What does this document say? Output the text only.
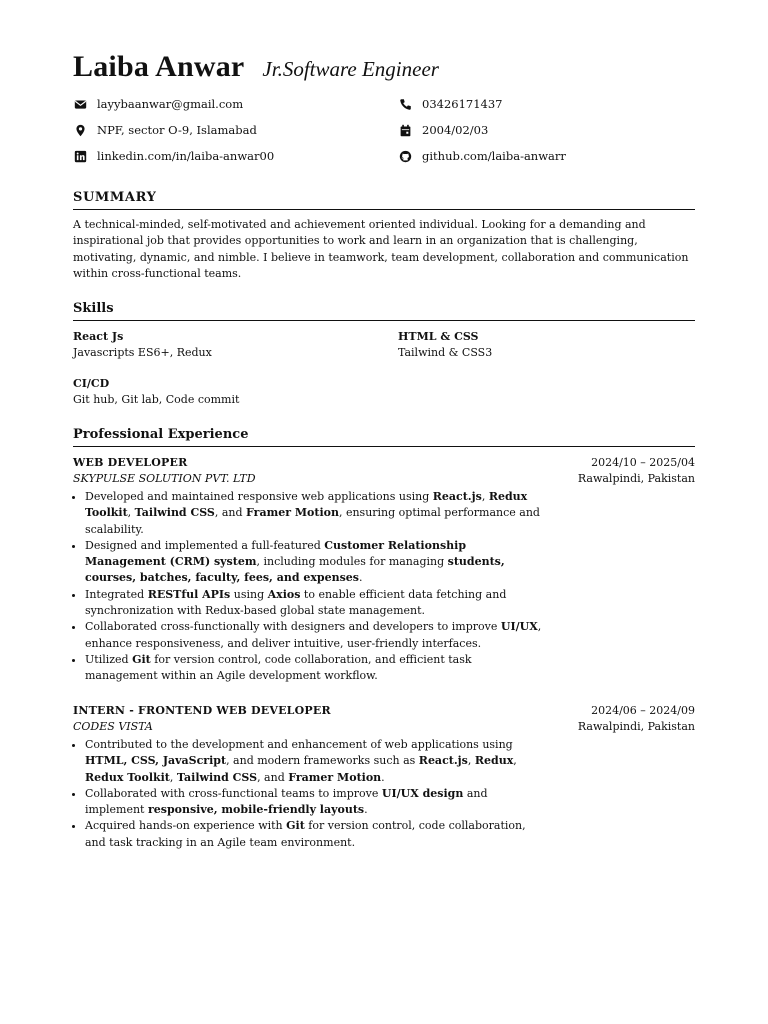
Laiba Anwar Jr.Software Engineer
layybaanwar@gmail.com	03426171437
NPF, sector O-9, Islamabad	2004/02/03
linkedin.com/in/laiba-anwar00	github.com/laiba-anwarr
SUMMARY
A technical-minded, self-motivated and achievement oriented individual. Looking for a demanding and inspirational job that provides opportunities to work and learn in an organization that is challenging, motivating, dynamic, and nimble. I believe in teamwork, team development, collaboration and communication within cross-functional teams.
Skills
React Js
Javascripts ES6+, Redux
HTML & CSS
Tailwind & CSS3
CI/CD
Git hub, Git lab, Code commit
Professional Experience
WEB DEVELOPER	2024/10 – 2025/04
SKYPULSE SOLUTION PVT. LTD	Rawalpindi, Pakistan
• Developed and maintained responsive web applications using React.js, Redux Toolkit, Tailwind CSS, and Framer Motion, ensuring optimal performance and scalability.
• Designed and implemented a full-featured Customer Relationship Management (CRM) system, including modules for managing students, courses, batches, faculty, fees, and expenses.
• Integrated RESTful APIs using Axios to enable efficient data fetching and synchronization with Redux-based global state management.
• Collaborated cross-functionally with designers and developers to improve UI/UX, enhance responsiveness, and deliver intuitive, user-friendly interfaces.
• Utilized Git for version control, code collaboration, and efficient task management within an Agile development workflow.
INTERN - FRONTEND WEB DEVELOPER	2024/06 – 2024/09
CODES VISTA	Rawalpindi, Pakistan
• Contributed to the development and enhancement of web applications using HTML, CSS, JavaScript, and modern frameworks such as React.js, Redux, Redux Toolkit, Tailwind CSS, and Framer Motion.
• Collaborated with cross-functional teams to improve UI/UX design and implement responsive, mobile-friendly layouts.
• Acquired hands-on experience with Git for version control, code collaboration, and task tracking in an Agile team environment.
